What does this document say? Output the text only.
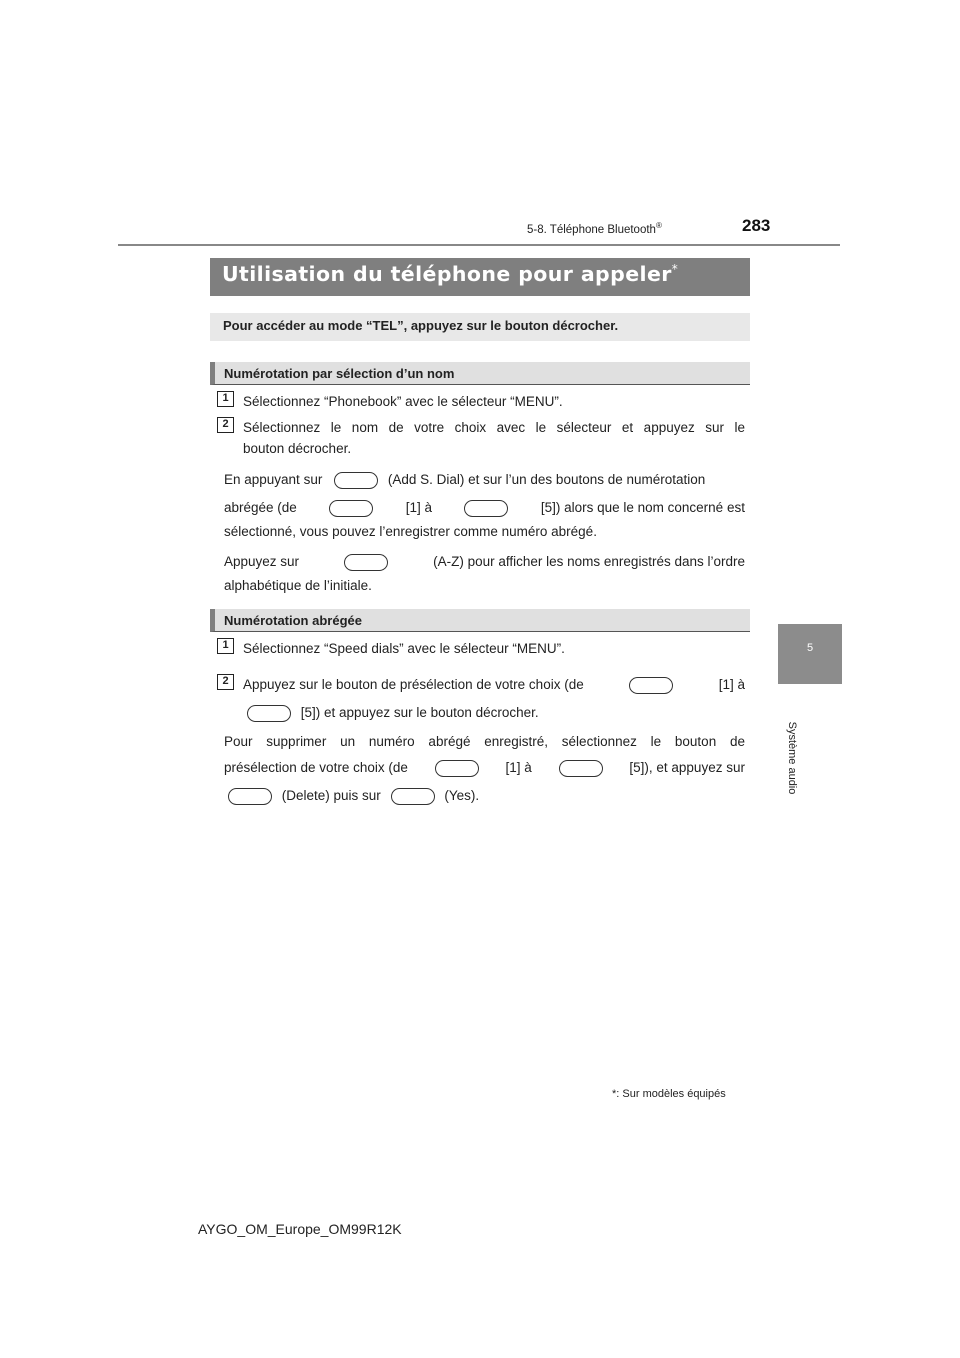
5-8. Téléphone Bluetooth®	283
5
Système audio
Utilisation du téléphone pour appeler*
Pour accéder au mode “TEL”, appuyez sur le bouton décrocher.
Numérotation par sélection d’un nom
1	Sélectionnez “Phonebook” avec le sélecteur “MENU”.
2	Sélectionnez le nom de votre choix avec le sélecteur et appuyez sur le
bouton décrocher.
En appuyant sur	(Add S. Dial) et sur l’un des boutons de numérotation
abrégée (de	[1] à	[5]) alors que le nom concerné est
sélectionné, vous pouvez l’enregistrer comme numéro abrégé.
Appuyez sur	(A-Z) pour afficher les noms enregistrés dans l’ordre
alphabétique de l’initiale.
Numérotation abrégée
1	Sélectionnez “Speed dials” avec le sélecteur “MENU”.
2	Appuyez sur le bouton de présélection de votre choix (de	[1] à
[5]) et appuyez sur le bouton décrocher.
Pour supprimer un numéro abrégé enregistré, sélectionnez le bouton de
présélection de votre choix (de	[1] à	[5]), et appuyez sur
(Delete) puis sur	(Yes).
*: Sur modèles équipés
AYGO_OM_Europe_OM99R12K
